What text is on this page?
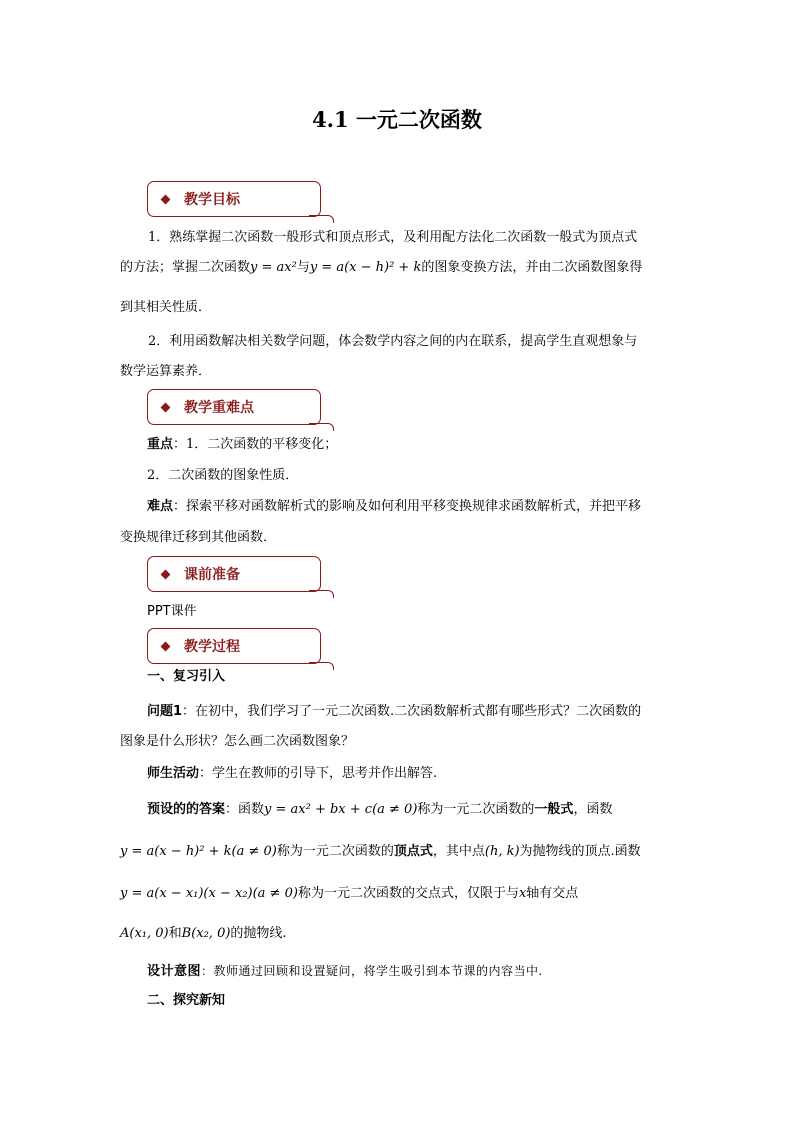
4.1 一元二次函数
教学目标
1．熟练掌握二次函数一般形式和顶点形式，及利用配方法化二次函数一般式为顶点式
的方法；掌握二次函数y = ax²与y = a(x − h)² + k的图象变换方法，并由二次函数图象得
到其相关性质．
2．利用函数解决相关数学问题，体会数学内容之间的内在联系，提高学生直观想象与
数学运算素养．
教学重难点
重点：1．二次函数的平移变化；
2．二次函数的图象性质．
难点：探索平移对函数解析式的影响及如何利用平移变换规律求函数解析式，并把平移
变换规律迁移到其他函数．
课前准备
PPT课件
教学过程
一、复习引入
问题1：在初中，我们学习了一元二次函数.二次函数解析式都有哪些形式？二次函数的
图象是什么形状？怎么画二次函数图象？
师生活动：学生在教师的引导下，思考并作出解答.
预设的的答案：函数y = ax² + bx + c(a ≠ 0)称为一元二次函数的一般式，函数
y = a(x − h)² + k(a ≠ 0)称为一元二次函数的顶点式，其中点(h, k)为抛物线的顶点.函数
y = a(x − x₁)(x − x₂)(a ≠ 0)称为一元二次函数的交点式，仅限于与x轴有交点
A(x₁, 0)和B(x₂, 0)的抛物线.
设计意图：教师通过回顾和设置疑问，将学生吸引到本节课的内容当中.
二、探究新知
